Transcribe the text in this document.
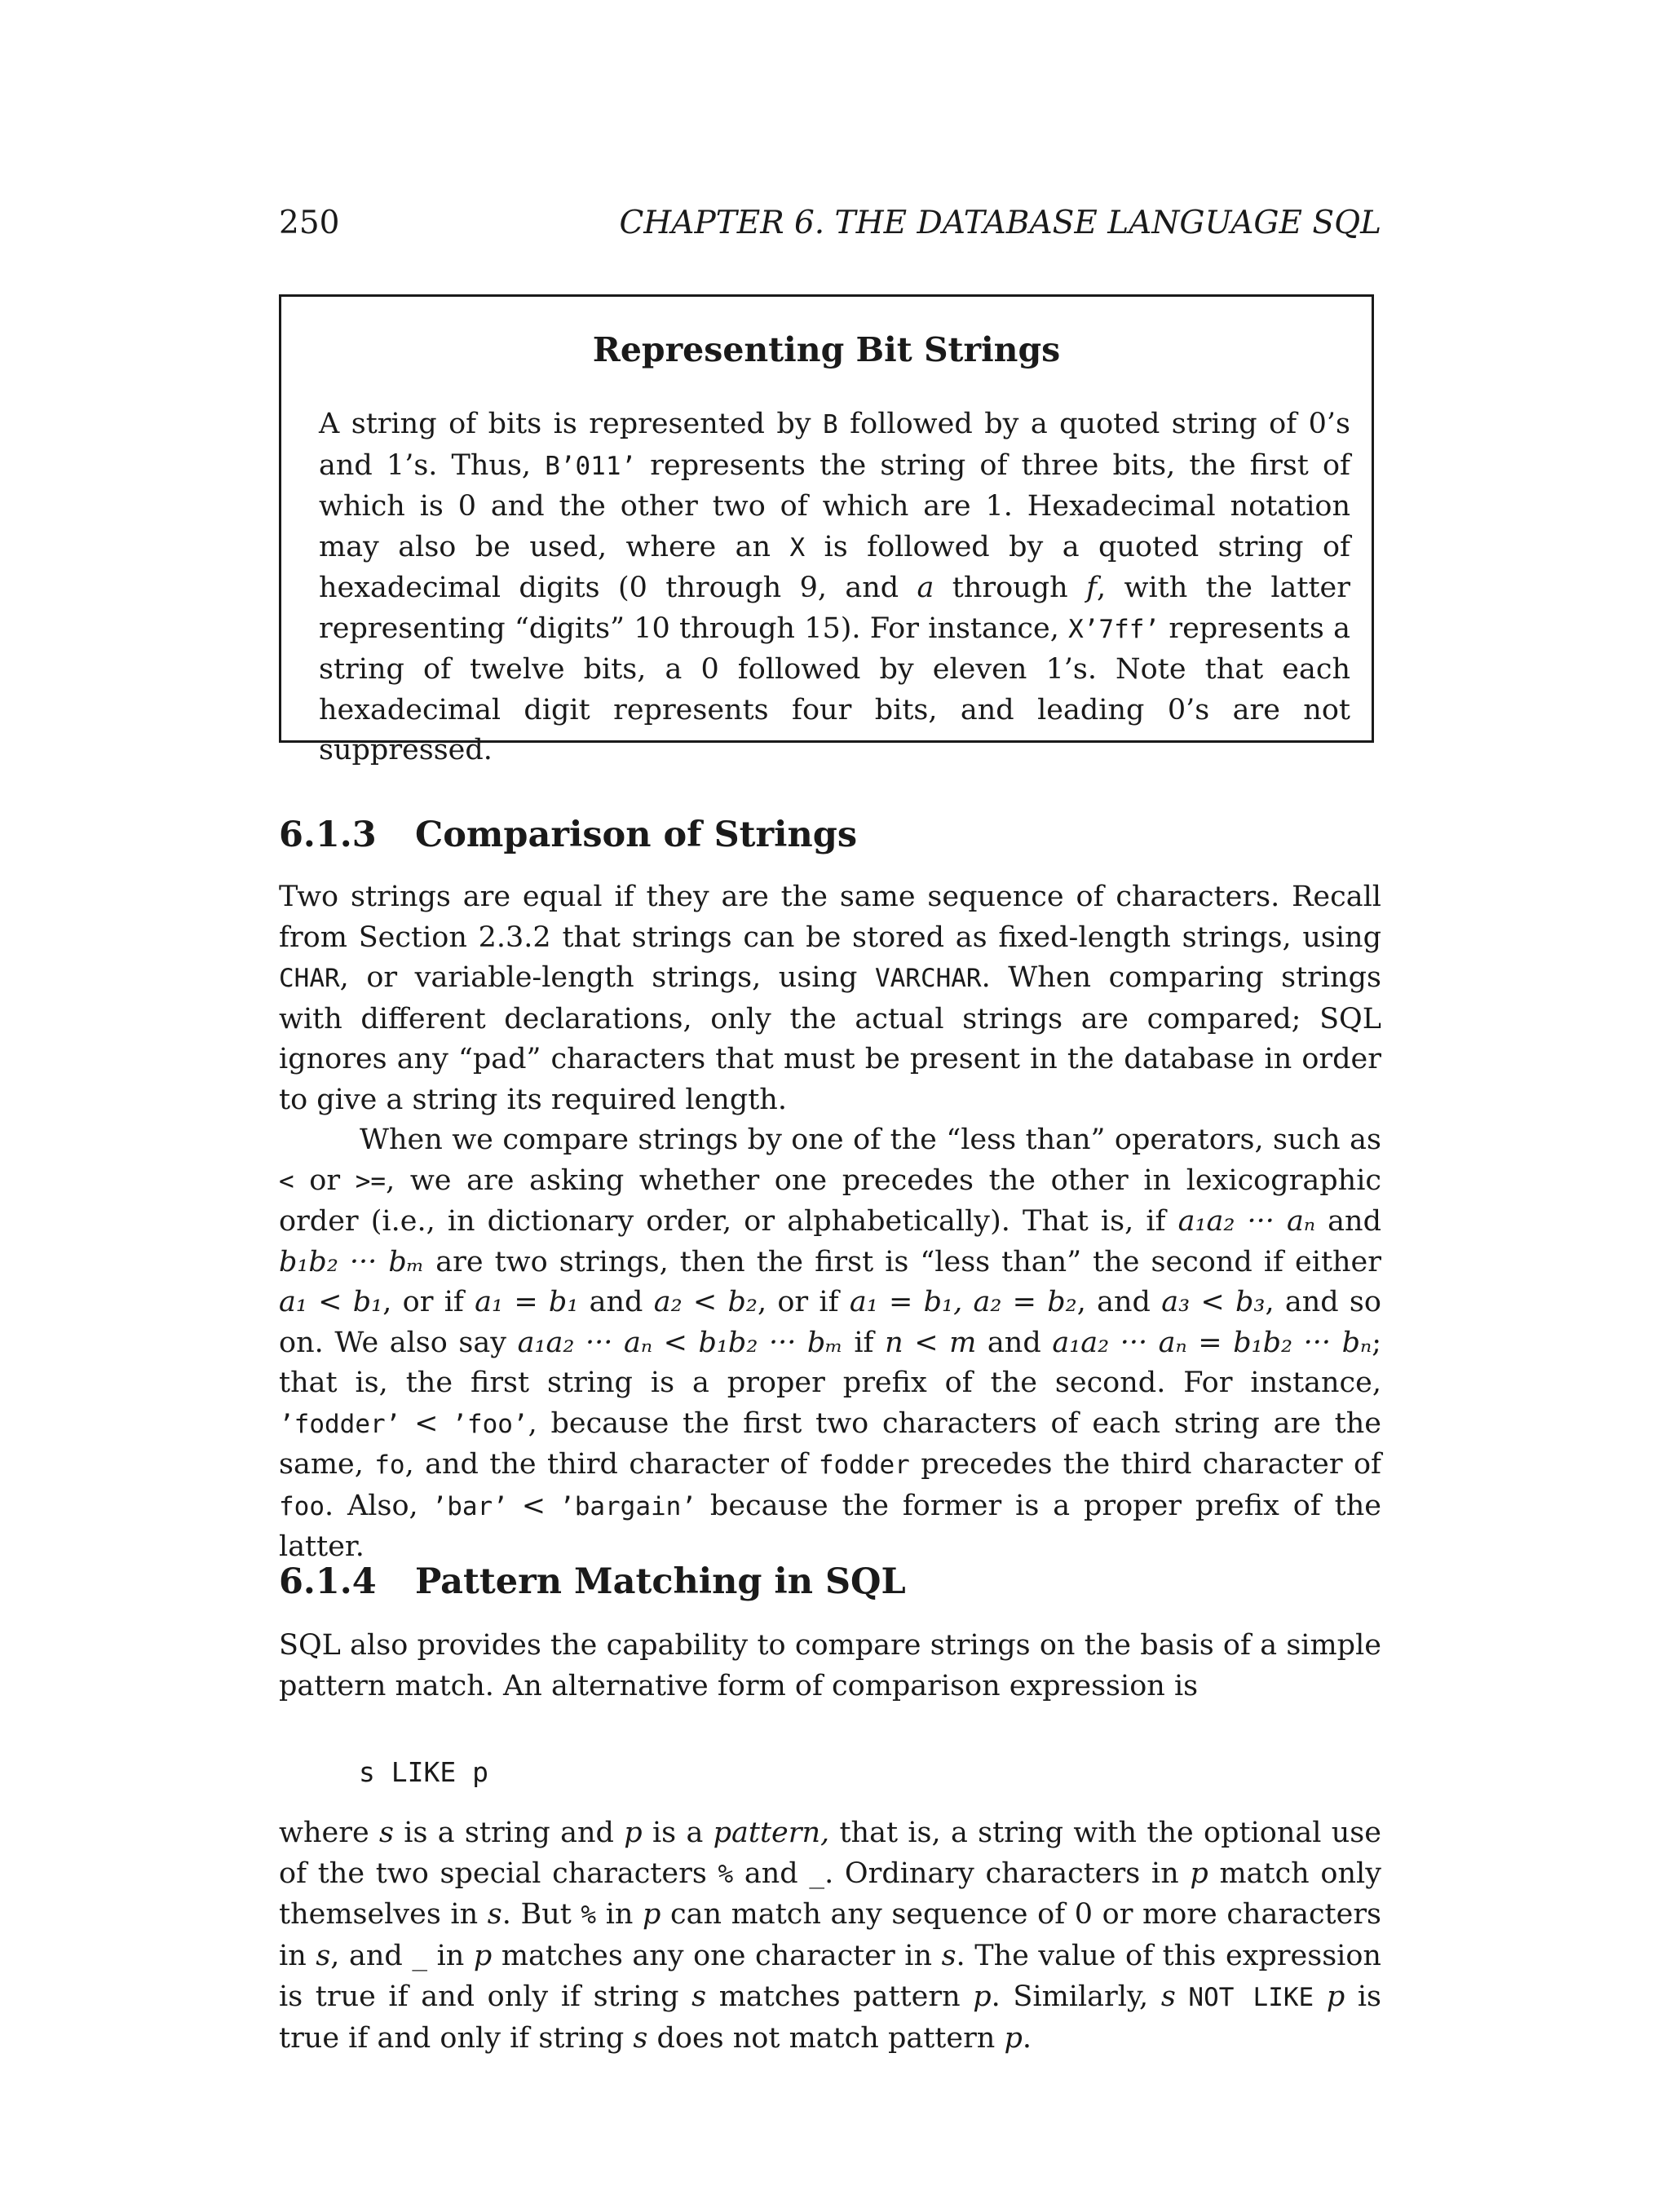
250	CHAPTER 6. THE DATABASE LANGUAGE SQL
Representing Bit Strings

A string of bits is represented by B followed by a quoted string of 0’s and 1’s. Thus, B’011’ represents the string of three bits, the first of which is 0 and the other two of which are 1. Hexadecimal notation may also be used, where an X is followed by a quoted string of hexadecimal digits (0 through 9, and a through f, with the latter representing “digits” 10 through 15). For instance, X’7ff’ represents a string of twelve bits, a 0 followed by eleven 1’s. Note that each hexadecimal digit represents four bits, and leading 0’s are not suppressed.

6.1.3 Comparison of Strings

Two strings are equal if they are the same sequence of characters. Recall from Section 2.3.2 that strings can be stored as fixed-length strings, using CHAR, or variable-length strings, using VARCHAR. When comparing strings with different declarations, only the actual strings are compared; SQL ignores any “pad” characters that must be present in the database in order to give a string its required length.

When we compare strings by one of the “less than” operators, such as < or >=, we are asking whether one precedes the other in lexicographic order (i.e., in dictionary order, or alphabetically). That is, if a₁a₂ ··· aₙ and b₁b₂ ··· bₘ are two strings, then the first is “less than” the second if either a₁ < b₁, or if a₁ = b₁ and a₂ < b₂, or if a₁ = b₁, a₂ = b₂, and a₃ < b₃, and so on. We also say a₁a₂ ··· aₙ < b₁b₂ ··· bₘ if n < m and a₁a₂ ··· aₙ = b₁b₂ ··· bₙ; that is, the first string is a proper prefix of the second. For instance, ’fodder’ < ’foo’, because the first two characters of each string are the same, fo, and the third character of fodder precedes the third character of foo. Also, ’bar’ < ’bargain’ because the former is a proper prefix of the latter.

6.1.4 Pattern Matching in SQL

SQL also provides the capability to compare strings on the basis of a simple pattern match. An alternative form of comparison expression is

s LIKE p

where s is a string and p is a pattern, that is, a string with the optional use of the two special characters % and _. Ordinary characters in p match only themselves in s. But % in p can match any sequence of 0 or more characters in s, and _ in p matches any one character in s. The value of this expression is true if and only if string s matches pattern p. Similarly, s NOT LIKE p is true if and only if string s does not match pattern p.
